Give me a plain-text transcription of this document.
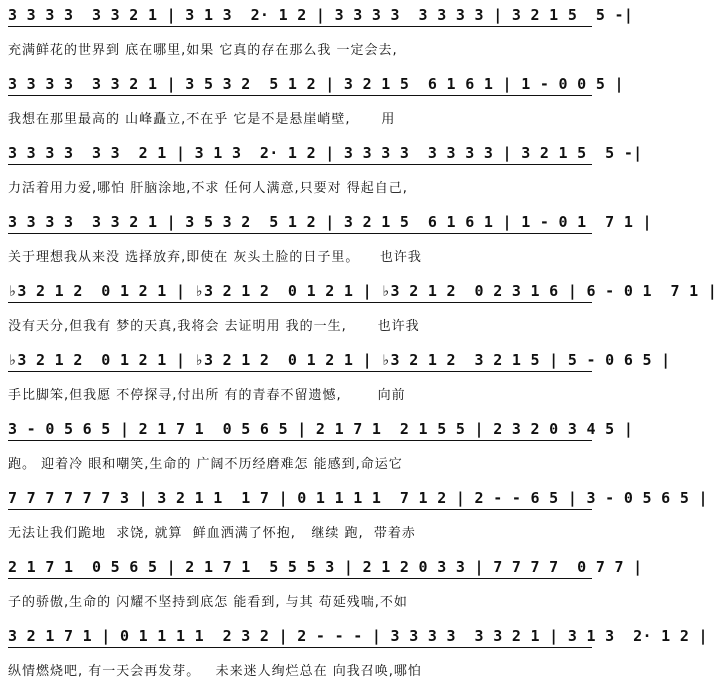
3 3 3 3  3 3 2 1 | 3 1 3  2· 1 2 | 3 3 3 3  3 3 3 3 | 3 2 1 5  5 -|
充满鲜花的世界到 底在哪里,如果 它真的存在那么我 一定会去,
3 3 3 3  3 3 2 1 | 3 5 3 2  5 1 2 | 3 2 1 5  6 1 6 1 | 1 - 0 0 5 |
我想在那里最高的 山峰矗立,不在乎 它是不是悬崖峭壁,      用
3 3 3 3  3 3  2 1 | 3 1 3  2· 1 2 | 3 3 3 3  3 3 3 3 | 3 2 1 5  5 -|
力活着用力爱,哪怕 肝脑涂地,不求 任何人满意,只要对 得起自己,
3 3 3 3  3 3 2 1 | 3 5 3 2  5 1 2 | 3 2 1 5  6 1 6 1 | 1 - 0 1  7 1 |
关于理想我从来没 选择放弃,即使在 灰头土脸的日子里。    也许我
♭3 2 1 2  0 1 2 1 | ♭3 2 1 2  0 1 2 1 | ♭3 2 1 2  0 2 3 1 6 | 6 - 0 1  7 1 |
没有天分,但我有 梦的天真,我将会 去证明用 我的一生,      也许我
♭3 2 1 2  0 1 2 1 | ♭3 2 1 2  0 1 2 1 | ♭3 2 1 2  3 2 1 5 | 5 - 0 6 5 |
手比脚笨,但我愿 不停探寻,付出所 有的青春不留遗憾,       向前
3 - 0 5 6 5 | 2 1 7 1  0 5 6 5 | 2 1 7 1  2 1 5 5 | 2 3 2 0 3 4 5 |
跑。 迎着冷 眼和嘲笑,生命的 广阔不历经磨难怎 能感到,命运它
7 7 7 7 7 7 3 | 3 2 1 1  1 7 | 0 1 1 1 1  7 1 2 | 2 - - 6 5 | 3 - 0 5 6 5 |
无法让我们跪地  求饶, 就算  鲜血洒满了怀抱,   继续 跑,  带着赤
2 1 7 1  0 5 6 5 | 2 1 7 1  5 5 5 3 | 2 1 2 0 3 3 | 7 7 7 7  0 7 7 |
子的骄傲,生命的 闪耀不坚持到底怎 能看到, 与其 苟延残喘,不如
3 2 1 7 1 | 0 1 1 1 1  2 3 2 | 2 - - - | 3 3 3 3  3 3 2 1 | 3 1 3  2· 1 2 |
纵情燃烧吧, 有一天会再发芽。   未来迷人绚烂总在 向我召唤,哪怕
